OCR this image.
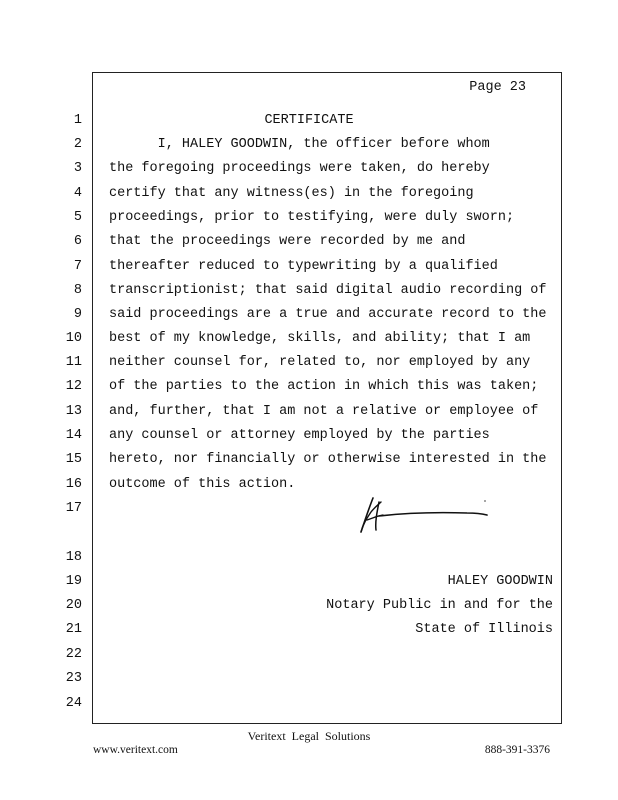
Page 23
1
2
3
4
5
6
7
8
9
10
11
12
13
14
15
16
17
18
19
20
21
22
23
24
CERTIFICATE
I, HALEY GOODWIN, the officer before whom
the foregoing proceedings were taken, do hereby
certify that any witness(es) in the foregoing
proceedings, prior to testifying, were duly sworn;
that the proceedings were recorded by me and
thereafter reduced to typewriting by a qualified
transcriptionist; that said digital audio recording of
said proceedings are a true and accurate record to the
best of my knowledge, skills, and ability; that I am
neither counsel for, related to, nor employed by any
of the parties to the action in which this was taken;
and, further, that I am not a relative or employee of
any counsel or attorney employed by the parties
hereto, nor financially or otherwise interested in the
outcome of this action.
HALEY GOODWIN
Notary Public in and for the
State of Illinois
Veritext  Legal  Solutions
www.veritext.com	888-391-3376
